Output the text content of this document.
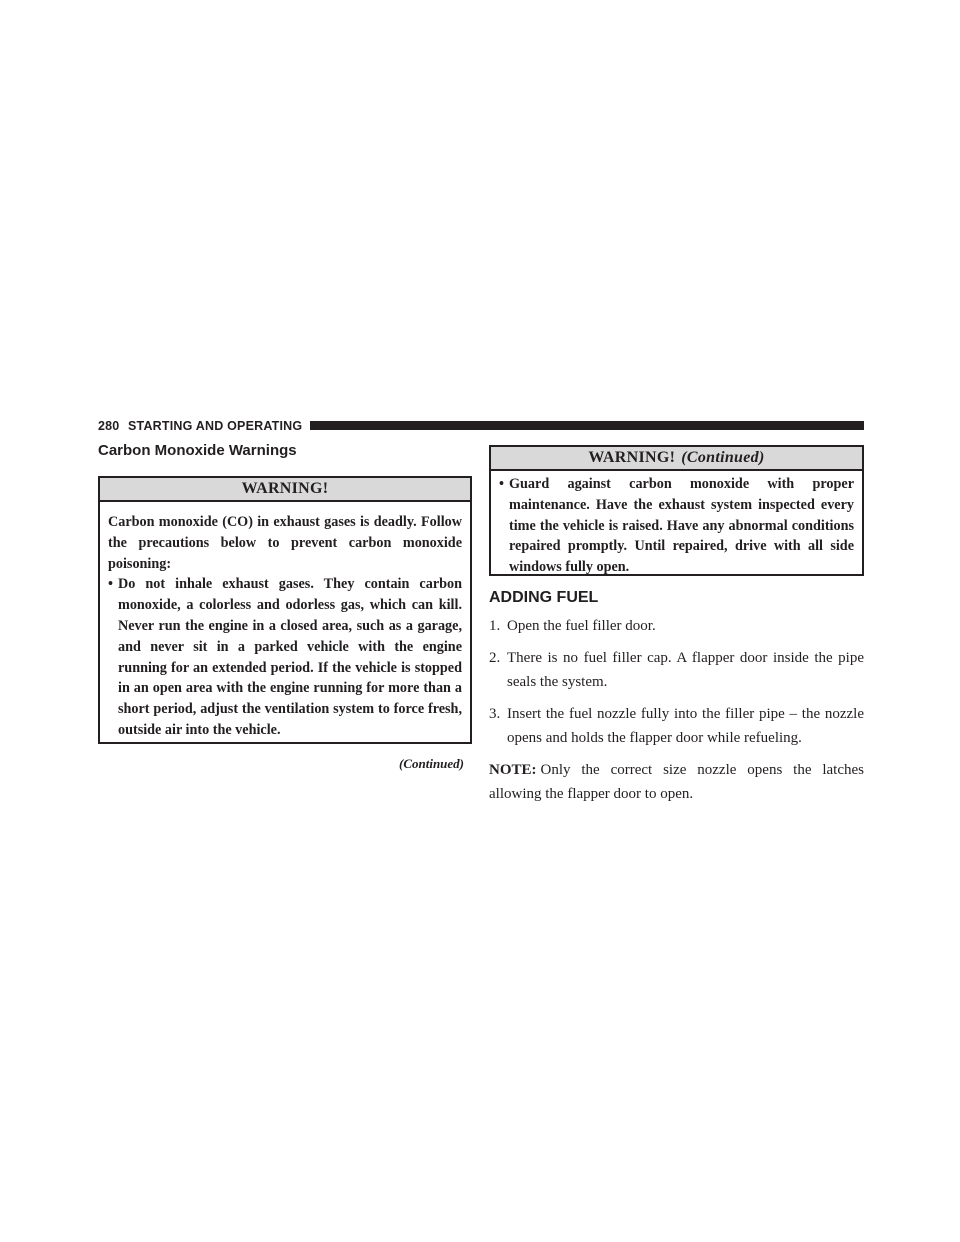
280 STARTING AND OPERATING
Carbon Monoxide Warnings
WARNING!

Carbon monoxide (CO) in exhaust gases is deadly. Follow the precautions below to prevent carbon monoxide poisoning:

• Do not inhale exhaust gases. They contain carbon monoxide, a colorless and odorless gas, which can kill. Never run the engine in a closed area, such as a garage, and never sit in a parked vehicle with the engine running for an extended period. If the vehicle is stopped in an open area with the engine running for more than a short period, adjust the ventilation system to force fresh, outside air into the vehicle.
(Continued)
WARNING! (Continued)
• Guard against carbon monoxide with proper maintenance. Have the exhaust system inspected every time the vehicle is raised. Have any abnormal conditions repaired promptly. Until repaired, drive with all side windows fully open.
ADDING FUEL
1. Open the fuel filler door.
2. There is no fuel filler cap. A flapper door inside the pipe seals the system.
3. Insert the fuel nozzle fully into the filler pipe – the nozzle opens and holds the flapper door while refueling.

NOTE: Only the correct size nozzle opens the latches allowing the flapper door to open.
